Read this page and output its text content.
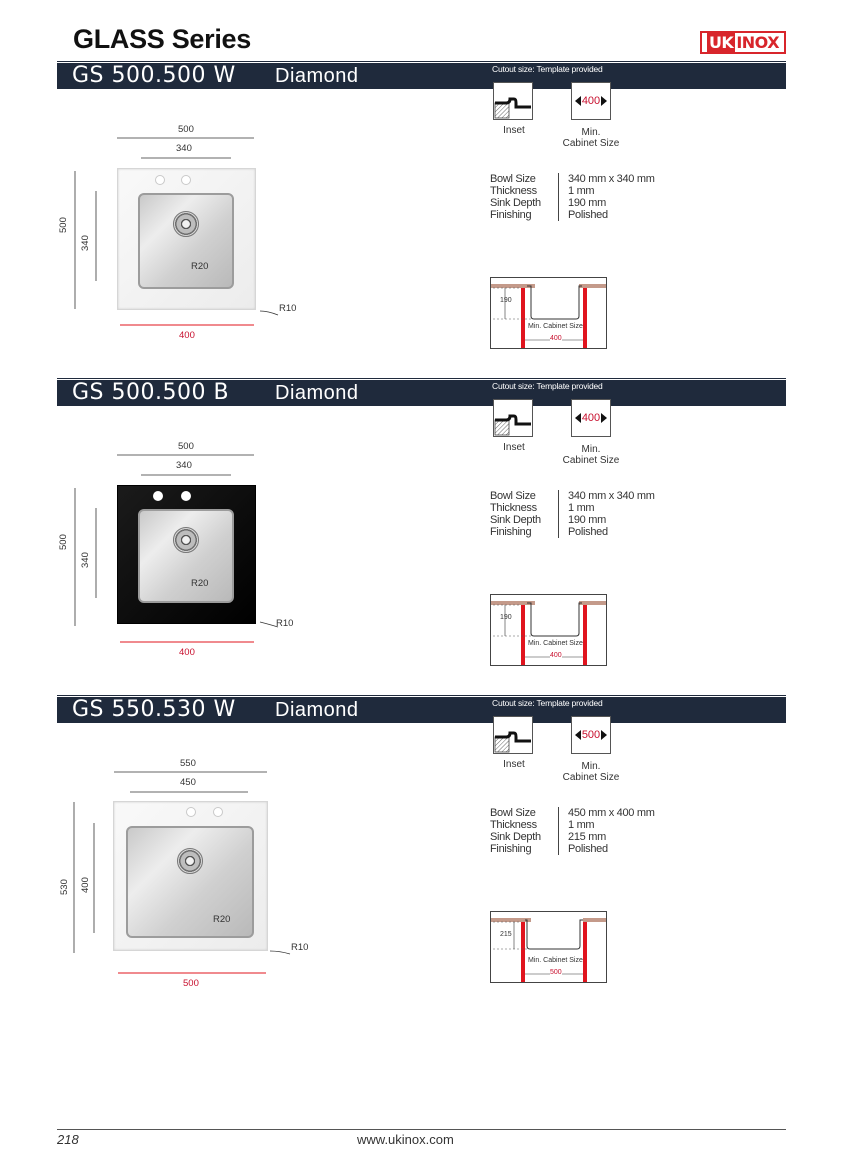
GLASS Series	UK INOX
GS 500.500 W Diamond	Cutout size: Template provided
Inset
400
Min.
Cabinet Size
Bowl Size	340 mm x 340 mm
Thickness	1 mm
Sink Depth	190 mm
Finishing	Polished
190
Min. Cabinet Size
400
500
340
500
340
400
R20
R10
GS 500.500 B Diamond	Cutout size: Template provided
Inset
400
Min.
Cabinet Size
Bowl Size	340 mm x 340 mm
Thickness	1 mm
Sink Depth	190 mm
Finishing	Polished
190
Min. Cabinet Size
400
500
340
500
340
400
R20
R10
GS 550.530 W Diamond	Cutout size: Template provided
Inset
500
Min.
Cabinet Size
Bowl Size	450 mm x 400 mm
Thickness	1 mm
Sink Depth	215 mm
Finishing	Polished
215
Min. Cabinet Size
500
550
450
530 400
500
R20
R10
218	www.ukinox.com
